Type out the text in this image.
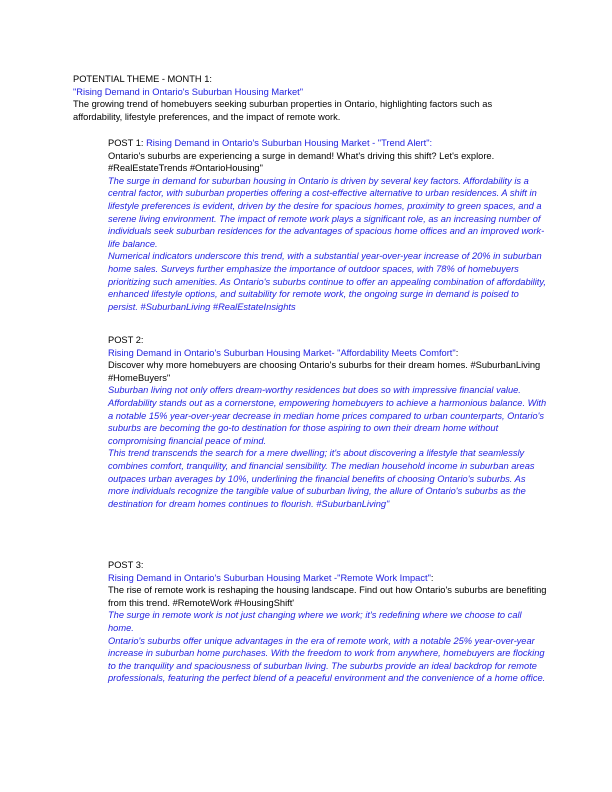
POTENTIAL THEME - MONTH 1:

"Rising Demand in Ontario's Suburban Housing Market"

The growing trend of homebuyers seeking suburban properties in Ontario, highlighting factors such as affordability, lifestyle preferences, and the impact of remote work.

POST 1: Rising Demand in Ontario's Suburban Housing Market - "Trend Alert":

Ontario's suburbs are experiencing a surge in demand! What's driving this shift? Let's explore. #RealEstateTrends #OntarioHousing"

The surge in demand for suburban housing in Ontario is driven by several key factors. Affordability is a central factor, with suburban properties offering a cost-effective alternative to urban residences. A shift in lifestyle preferences is evident, driven by the desire for spacious homes, proximity to green spaces, and a serene living environment. The impact of remote work plays a significant role, as an increasing number of individuals seek suburban residences for the advantages of spacious home offices and an improved work-life balance.

Numerical indicators underscore this trend, with a substantial year-over-year increase of 20% in suburban home sales. Surveys further emphasize the importance of outdoor spaces, with 78% of homebuyers prioritizing such amenities. As Ontario's suburbs continue to offer an appealing combination of affordability, enhanced lifestyle options, and suitability for remote work, the ongoing surge in demand is poised to persist. #SuburbanLiving #RealEstateInsights

POST 2:

Rising Demand in Ontario's Suburban Housing Market- "Affordability Meets Comfort":

Discover why more homebuyers are choosing Ontario's suburbs for their dream homes. #SuburbanLiving #HomeBuyers"

Suburban living not only offers dream-worthy residences but does so with impressive financial value.

Affordability stands out as a cornerstone, empowering homebuyers to achieve a harmonious balance. With a notable 15% year-over-year decrease in median home prices compared to urban counterparts, Ontario's suburbs are becoming the go-to destination for those aspiring to own their dream home without compromising financial peace of mind.

This trend transcends the search for a mere dwelling; it's about discovering a lifestyle that seamlessly combines comfort, tranquility, and financial sensibility. The median household income in suburban areas outpaces urban averages by 10%, underlining the financial benefits of choosing Ontario's suburbs. As more individuals recognize the tangible value of suburban living, the allure of Ontario's suburbs as the destination for dream homes continues to flourish. #SuburbanLiving"

POST 3:

Rising Demand in Ontario's Suburban Housing Market -"Remote Work Impact":

The rise of remote work is reshaping the housing landscape. Find out how Ontario's suburbs are benefiting from this trend. #RemoteWork #HousingShift'

The surge in remote work is not just changing where we work; it's redefining where we choose to call home.

Ontario's suburbs offer unique advantages in the era of remote work, with a notable 25% year-over-year increase in suburban home purchases. With the freedom to work from anywhere, homebuyers are flocking to the tranquility and spaciousness of suburban living. The suburbs provide an ideal backdrop for remote professionals, featuring the perfect blend of a peaceful environment and the convenience of a home office.
